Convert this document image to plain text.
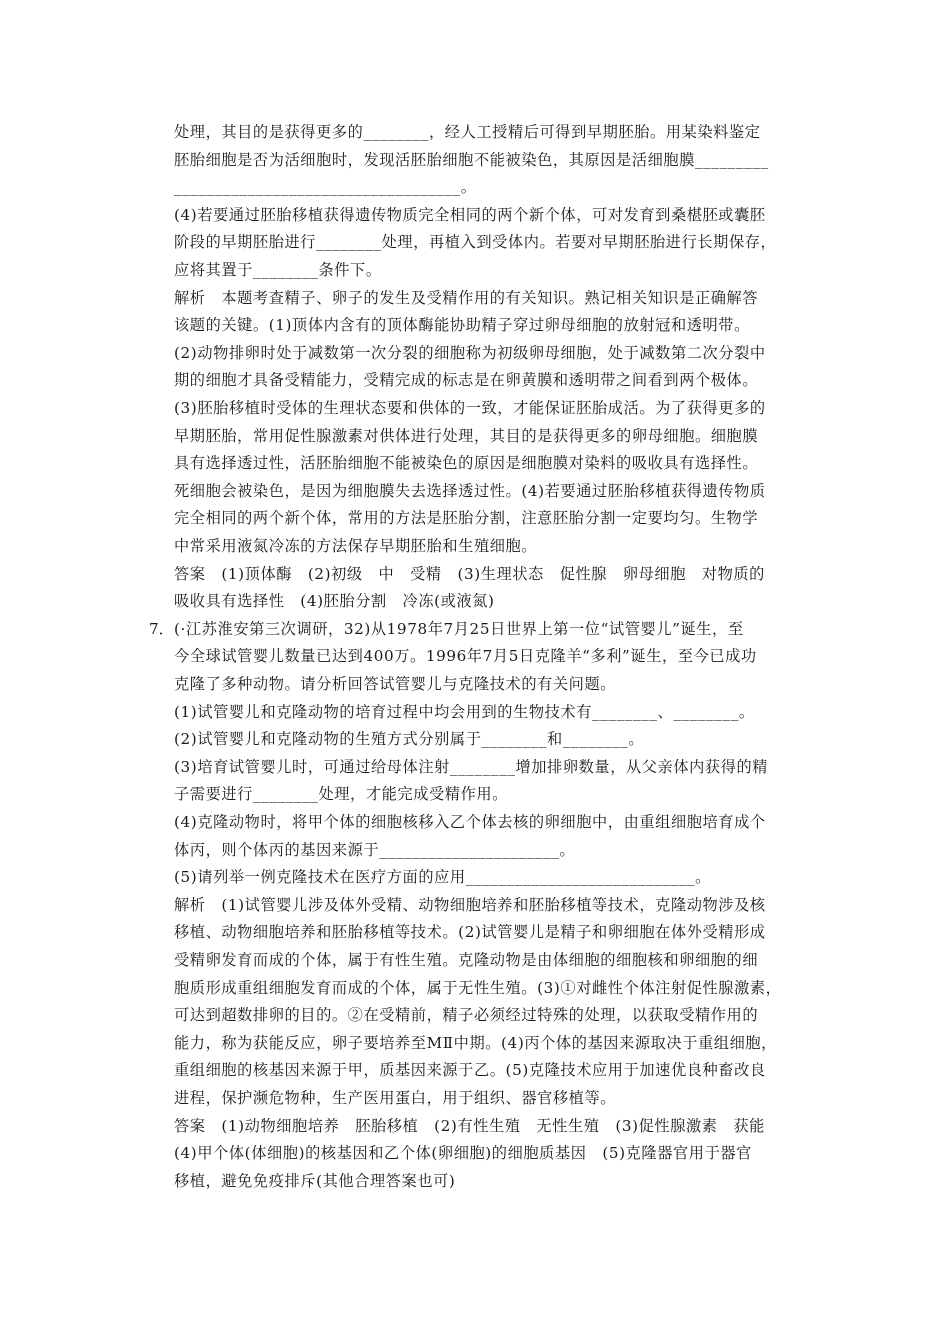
处理，其目的是获得更多的________，经人工授精后可得到早期胚胎。用某染料鉴定
胚胎细胞是否为活细胞时，发现活胚胎细胞不能被染色，其原因是活细胞膜_________
___________________________________。
(4)若要通过胚胎移植获得遗传物质完全相同的两个新个体，可对发育到桑椹胚或囊胚
阶段的早期胚胎进行________处理，再植入到受体内。若要对早期胚胎进行长期保存，
应将其置于________条件下。
解析　本题考查精子、卵子的发生及受精作用的有关知识。熟记相关知识是正确解答
该题的关键。(1)顶体内含有的顶体酶能协助精子穿过卵母细胞的放射冠和透明带。
(2)动物排卵时处于减数第一次分裂的细胞称为初级卵母细胞，处于减数第二次分裂中
期的细胞才具备受精能力，受精完成的标志是在卵黄膜和透明带之间看到两个极体。
(3)胚胎移植时受体的生理状态要和供体的一致，才能保证胚胎成活。为了获得更多的
早期胚胎，常用促性腺激素对供体进行处理，其目的是获得更多的卵母细胞。细胞膜
具有选择透过性，活胚胎细胞不能被染色的原因是细胞膜对染料的吸收具有选择性。
死细胞会被染色，是因为细胞膜失去选择透过性。(4)若要通过胚胎移植获得遗传物质
完全相同的两个新个体，常用的方法是胚胎分割，注意胚胎分割一定要均匀。生物学
中常采用液氮冷冻的方法保存早期胚胎和生殖细胞。
答案　(1)顶体酶　(2)初级　中　受精　(3)生理状态　促性腺　卵母细胞　对物质的
吸收具有选择性　(4)胚胎分割　冷冻(或液氮)
7． (·江苏淮安第三次调研，32)从1978年7月25日世界上第一位“试管婴儿”诞生，至
今全球试管婴儿数量已达到400万。1996年7月5日克隆羊“多利”诞生，至今已成功
克隆了多种动物。请分析回答试管婴儿与克隆技术的有关问题。
(1)试管婴儿和克隆动物的培育过程中均会用到的生物技术有________、________。
(2)试管婴儿和克隆动物的生殖方式分别属于________和________。
(3)培育试管婴儿时，可通过给母体注射________增加排卵数量，从父亲体内获得的精
子需要进行________处理，才能完成受精作用。
(4)克隆动物时，将甲个体的细胞核移入乙个体去核的卵细胞中，由重组细胞培育成个
体丙，则个体丙的基因来源于______________________。
(5)请列举一例克隆技术在医疗方面的应用____________________________。
解析　(1)试管婴儿涉及体外受精、动物细胞培养和胚胎移植等技术，克隆动物涉及核
移植、动物细胞培养和胚胎移植等技术。(2)试管婴儿是精子和卵细胞在体外受精形成
受精卵发育而成的个体，属于有性生殖。克隆动物是由体细胞的细胞核和卵细胞的细
胞质形成重组细胞发育而成的个体，属于无性生殖。(3)①对雌性个体注射促性腺激素，
可达到超数排卵的目的。②在受精前，精子必须经过特殊的处理，以获取受精作用的
能力，称为获能反应，卵子要培养至MⅡ中期。(4)丙个体的基因来源取决于重组细胞，
重组细胞的核基因来源于甲，质基因来源于乙。(5)克隆技术应用于加速优良种畜改良
进程，保护濒危物种，生产医用蛋白，用于组织、器官移植等。
答案　(1)动物细胞培养　胚胎移植　(2)有性生殖　无性生殖　(3)促性腺激素　获能
(4)甲个体(体细胞)的核基因和乙个体(卵细胞)的细胞质基因　(5)克隆器官用于器官
移植，避免免疫排斥(其他合理答案也可)
